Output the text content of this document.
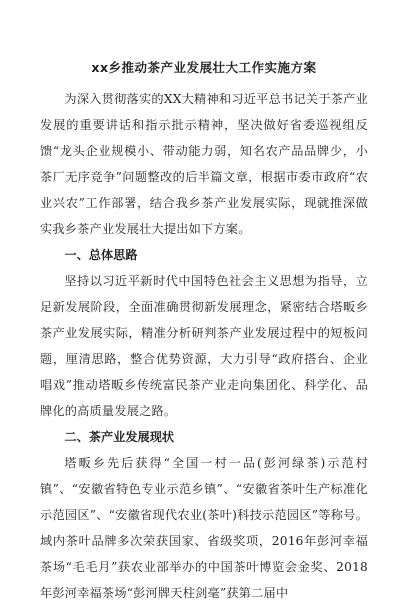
xx乡推动茶产业发展壮大工作实施方案

为深入贯彻落实的XX大精神和习近平总书记关于茶产业发展的重要讲话和指示批示精神，坚决做好省委巡视组反馈“龙头企业规模小、带动能力弱，知名农产品品牌少，小茶厂无序竞争”问题整改的后半篇文章，根据市委市政府“农业兴农”工作部署，结合我乡茶产业发展实际，现就推深做实我乡茶产业发展壮大提出如下方案。

一、总体思路

坚持以习近平新时代中国特色社会主义思想为指导，立足新发展阶段，全面准确贯彻新发展理念，紧密结合塔畈乡茶产业发展实际，精准分析研判茶产业发展过程中的短板问题，厘清思路，整合优势资源，大力引导“政府搭台、企业唱戏”推动塔畈乡传统富民茶产业走向集团化、科学化、品牌化的高质量发展之路。

二、茶产业发展现状

塔畈乡先后获得“全国一村一品(彭河绿茶)示范村镇”、“安徽省特色专业示范乡镇”、“安徽省茶叶生产标准化示范园区”、“安徽省现代农业(茶叶)科技示范园区”等称号。域内茶叶品牌多次荣获国家、省级奖项，2016年彭河幸福茶场“毛毛月”获农业部举办的中国茶叶博览会金奖、2018年彭河幸福茶场“彭河牌天柱剑毫”获第二届中
